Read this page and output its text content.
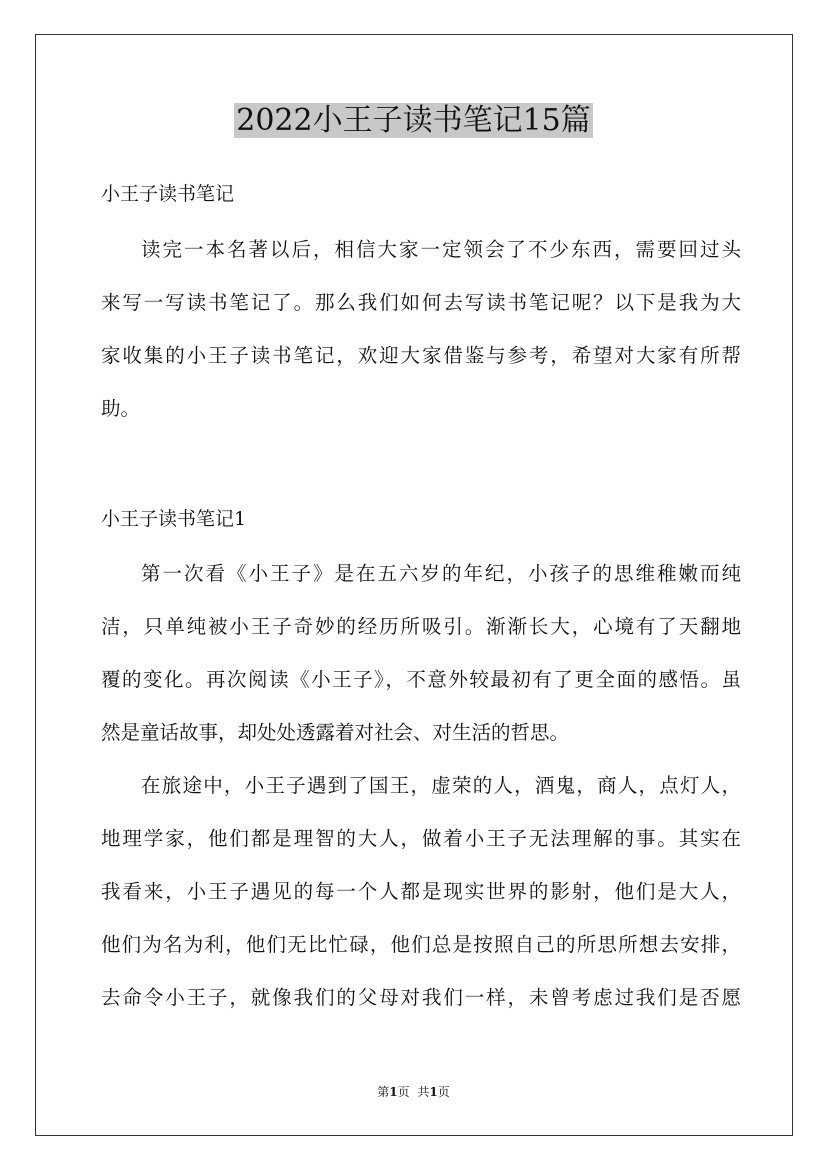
2022小王子读书笔记15篇

小王子读书笔记

读完一本名著以后，相信大家一定领会了不少东西，需要回过头

来写一写读书笔记了。那么我们如何去写读书笔记呢？以下是我为大

家收集的小王子读书笔记，欢迎大家借鉴与参考，希望对大家有所帮

助。

小王子读书笔记1

第一次看《小王子》是在五六岁的年纪，小孩子的思维稚嫩而纯

洁，只单纯被小王子奇妙的经历所吸引。渐渐长大，心境有了天翻地

覆的变化。再次阅读《小王子》，不意外较最初有了更全面的感悟。虽

然是童话故事，却处处透露着对社会、对生活的哲思。

在旅途中，小王子遇到了国王，虚荣的人，酒鬼，商人，点灯人，

地理学家，他们都是理智的大人，做着小王子无法理解的事。其实在

我看来，小王子遇见的每一个人都是现实世界的影射，他们是大人，

他们为名为利，他们无比忙碌，他们总是按照自己的所思所想去安排，

去命令小王子，就像我们的父母对我们一样，未曾考虑过我们是否愿

第1页 共1页
